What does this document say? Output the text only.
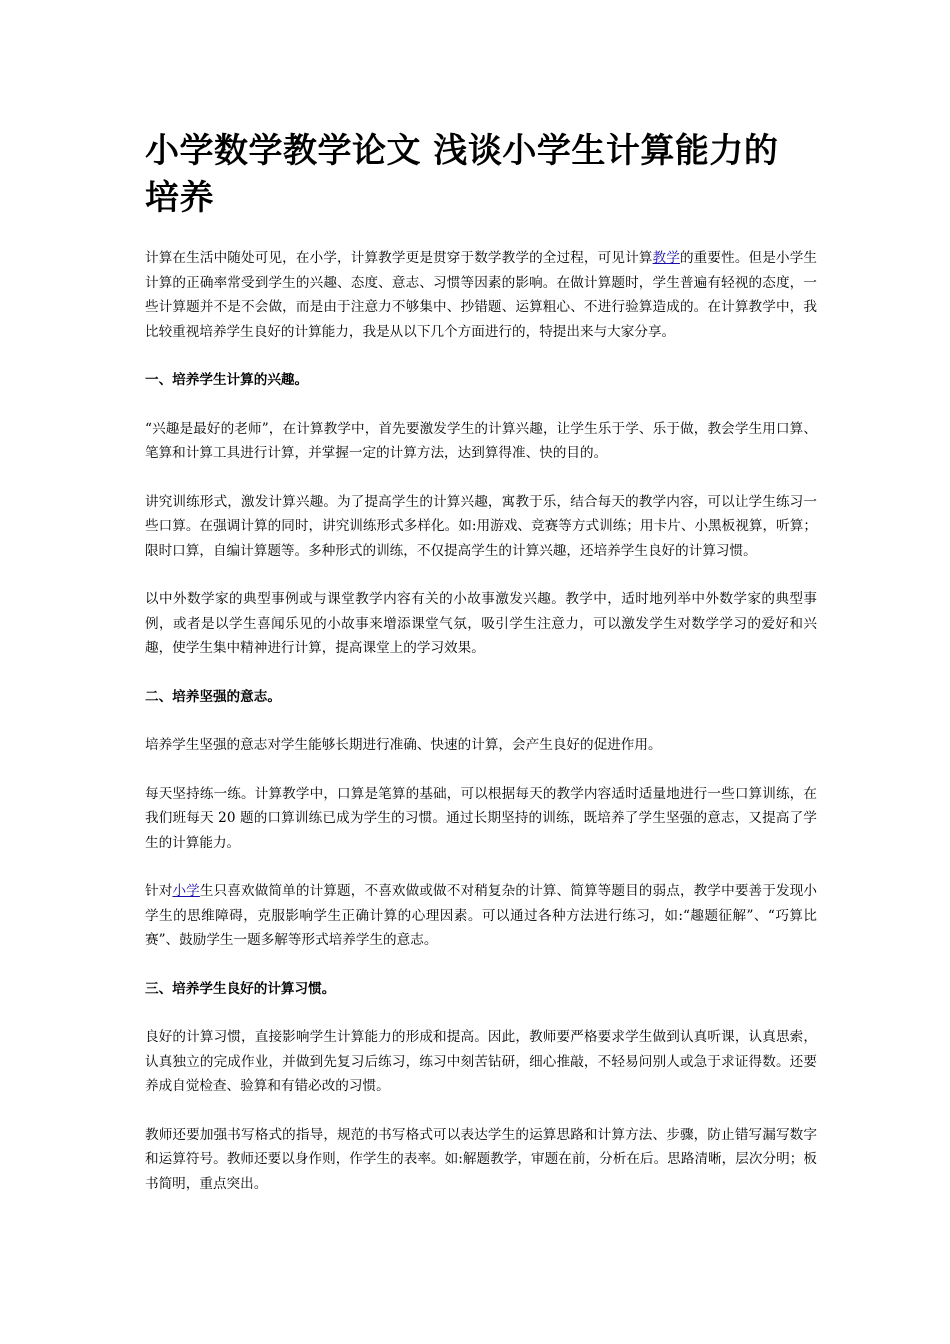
小学数学教学论文 浅谈小学生计算能力的培养

计算在生活中随处可见，在小学，计算教学更是贯穿于数学教学的全过程，可见计算教学的重要性。但是小学生计算的正确率常受到学生的兴趣、态度、意志、习惯等因素的影响。在做计算题时，学生普遍有轻视的态度，一些计算题并不是不会做，而是由于注意力不够集中、抄错题、运算粗心、不进行验算造成的。在计算教学中，我比较重视培养学生良好的计算能力，我是从以下几个方面进行的，特提出来与大家分享。

一、培养学生计算的兴趣。

“兴趣是最好的老师”，在计算教学中，首先要激发学生的计算兴趣，让学生乐于学、乐于做，教会学生用口算、笔算和计算工具进行计算，并掌握一定的计算方法，达到算得准、快的目的。

讲究训练形式，激发计算兴趣。为了提高学生的计算兴趣，寓教于乐，结合每天的教学内容，可以让学生练习一些口算。在强调计算的同时，讲究训练形式多样化。如:用游戏、竞赛等方式训练；用卡片、小黑板视算，听算；限时口算，自编计算题等。多种形式的训练，不仅提高学生的计算兴趣，还培养学生良好的计算习惯。

以中外数学家的典型事例或与课堂教学内容有关的小故事激发兴趣。教学中，适时地列举中外数学家的典型事例，或者是以学生喜闻乐见的小故事来增添课堂气氛，吸引学生注意力，可以激发学生对数学学习的爱好和兴趣，使学生集中精神进行计算，提高课堂上的学习效果。

二、培养坚强的意志。

培养学生坚强的意志对学生能够长期进行准确、快速的计算，会产生良好的促进作用。

每天坚持练一练。计算教学中，口算是笔算的基础，可以根据每天的教学内容适时适量地进行一些口算训练，在我们班每天 20 题的口算训练已成为学生的习惯。通过长期坚持的训练，既培养了学生坚强的意志，又提高了学生的计算能力。

针对小学生只喜欢做简单的计算题，不喜欢做或做不对稍复杂的计算、简算等题目的弱点，教学中要善于发现小学生的思维障碍，克服影响学生正确计算的心理因素。可以通过各种方法进行练习，如:“趣题征解”、“巧算比赛”、鼓励学生一题多解等形式培养学生的意志。

三、培养学生良好的计算习惯。

良好的计算习惯，直接影响学生计算能力的形成和提高。因此，教师要严格要求学生做到认真听课，认真思索，认真独立的完成作业，并做到先复习后练习，练习中刻苦钻研，细心推敲，不轻易问别人或急于求证得数。还要养成自觉检查、验算和有错必改的习惯。

教师还要加强书写格式的指导，规范的书写格式可以表达学生的运算思路和计算方法、步骤，防止错写漏写数字和运算符号。教师还要以身作则，作学生的表率。如:解题教学，审题在前，分析在后。思路清晰，层次分明；板书简明，重点突出。
